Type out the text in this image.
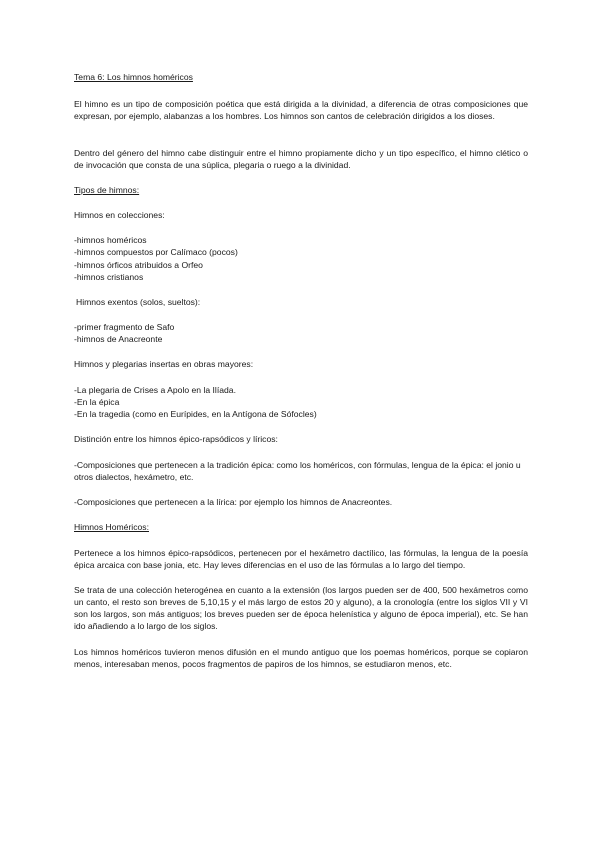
Tema 6: Los himnos homéricos

El himno es un tipo de composición poética que está dirigida a la divinidad, a diferencia de otras composiciones que expresan, por ejemplo, alabanzas a los hombres. Los himnos son cantos de celebración dirigidos a los dioses.

Dentro del género del himno cabe distinguir entre el himno propiamente dicho y un tipo específico, el himno clético o de invocación que consta de una súplica, plegaria o ruego a la divinidad.

Tipos de himnos:

Himnos en colecciones:

-himnos homéricos

-himnos compuestos por Calímaco (pocos)

-himnos órficos atribuidos a Orfeo

-himnos cristianos

Himnos exentos (solos, sueltos):

-primer fragmento de Safo

-himnos de Anacreonte

Himnos y plegarias insertas en obras mayores:

-La plegaria de Crises a Apolo en la Ilíada.

-En la épica

-En la tragedia (como en Eurípides, en la Antígona de Sófocles)

Distinción entre los himnos épico-rapsódicos y líricos:

-Composiciones que pertenecen a la tradición épica: como los homéricos, con fórmulas, lengua de la épica: el jonio u otros dialectos, hexámetro, etc.

-Composiciones que pertenecen a la lírica: por ejemplo los himnos de Anacreontes.

Himnos Homéricos:

Pertenece a los himnos épico-rapsódicos, pertenecen por el hexámetro dactílico, las fórmulas, la lengua de la poesía épica arcaica con base jonia, etc. Hay leves diferencias en el uso de las fórmulas a lo largo del tiempo.

Se trata de una colección heterogénea en cuanto a la extensión (los largos pueden ser de 400, 500 hexámetros como un canto, el resto son breves de 5,10,15 y el más largo de estos 20 y alguno), a la cronología (entre los siglos VII y VI son los largos, son más antiguos; los breves pueden ser de época helenística y alguno de época imperial), etc. Se han ido añadiendo a lo largo de los siglos.

Los himnos homéricos tuvieron menos difusión en el mundo antiguo que los poemas homéricos, porque se copiaron menos, interesaban menos, pocos fragmentos de papiros de los himnos, se estudiaron menos, etc.
